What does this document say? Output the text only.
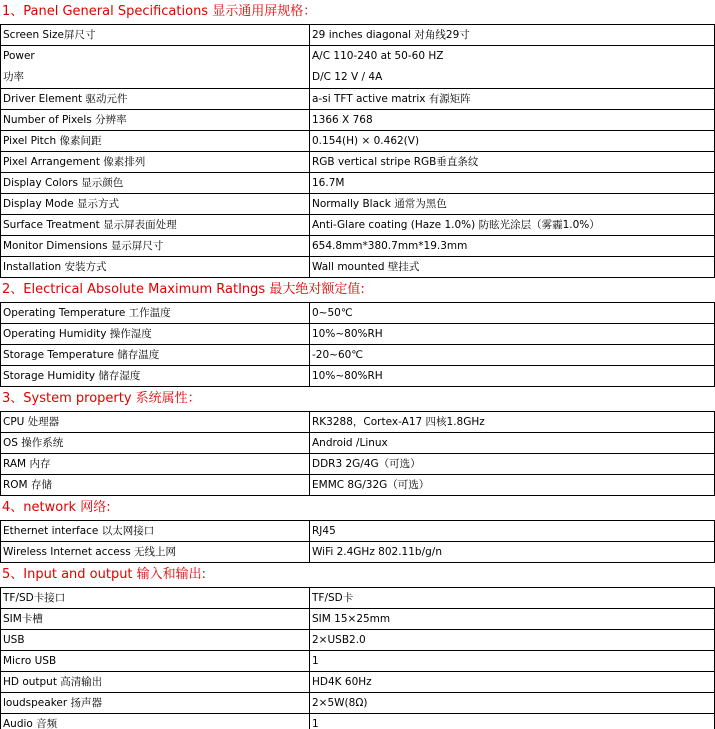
1、Panel General Specifications 显示通用屏规格：
Screen Size屏尺寸	29 inches diagonal 对角线29寸

Power
功率	A/C 110-240 at 50-60 HZ
D/C 12 V / 4A

Driver Element 驱动元件	a-si TFT active matrix 有源矩阵
Number of Pixels 分辨率	1366 X 768
Pixel Pitch 像素间距	0.154(H) × 0.462(V)
Pixel Arrangement 像素排列	RGB vertical stripe RGB垂直条纹
Display Colors 显示颜色	16.7M
Display Mode 显示方式	Normally Black 通常为黑色
Surface Treatment 显示屏表面处理	Anti-Glare coating (Haze 1.0%) 防眩光涂层（雾霾1.0%）
Monitor Dimensions 显示屏尺寸	654.8mm*380.7mm*19.3mm
Installation 安装方式	Wall mounted 壁挂式
2、Electrical Absolute Maximum RatIngs 最大绝对额定值:
Operating Temperature 工作温度	0~50℃
Operating Humidity 操作湿度	10%~80%RH
Storage Temperature 储存温度	-20~60℃
Storage Humidity 储存湿度	10%~80%RH
3、System property 系统属性：
CPU 处理器	RK3288，Cortex-A17 四核1.8GHz
OS 操作系统	Android /Linux
RAM 内存	DDR3 2G/4G（可选）
ROM 存储	EMMC 8G/32G（可选）
4、network 网络:
Ethernet interface 以太网接口	RJ45
Wireless Internet access 无线上网	WiFi 2.4GHz 802.11b/g/n
5、Input and output 输入和输出:
TF/SD卡接口	TF/SD卡
SIM卡槽	SIM 15×25mm
USB	2×USB2.0
Micro USB	1
HD output 高清输出	HD4K 60Hz
loudspeaker 扬声器	2×5W(8Ω)
Audio 音频	1
